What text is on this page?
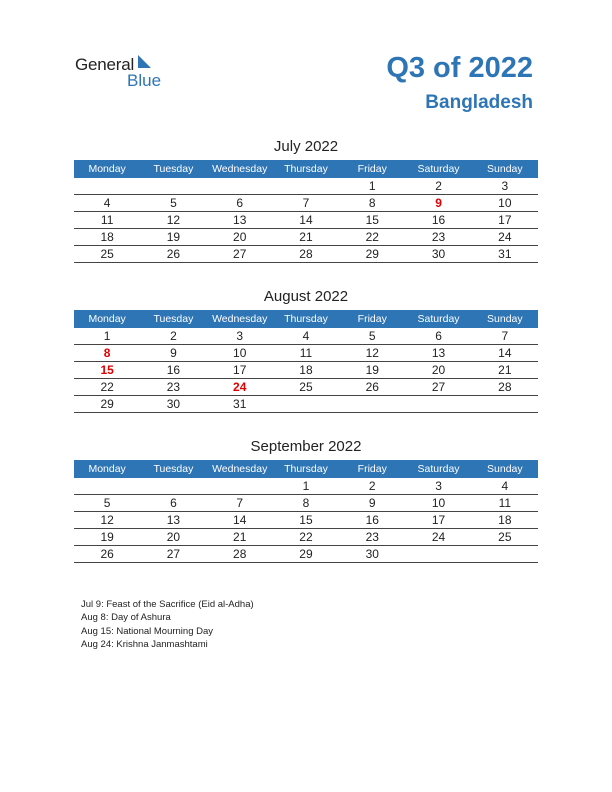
General
Blue	Q3 of 2022
Bangladesh
July 2022
Monday	Tuesday	Wednesday	Thursday	Friday	Saturday	Sunday
				1	2	3
4	5	6	7	8	9	10
11	12	13	14	15	16	17
18	19	20	21	22	23	24
25	26	27	28	29	30	31
August 2022
Monday	Tuesday	Wednesday	Thursday	Friday	Saturday	Sunday
1	2	3	4	5	6	7
8	9	10	11	12	13	14
15	16	17	18	19	20	21
22	23	24	25	26	27	28
29	30	31				
September 2022
Monday	Tuesday	Wednesday	Thursday	Friday	Saturday	Sunday
			1	2	3	4
5	6	7	8	9	10	11
12	13	14	15	16	17	18
19	20	21	22	23	24	25
26	27	28	29	30		
Jul 9: Feast of the Sacrifice (Eid al-Adha)
Aug 8: Day of Ashura
Aug 15: National Mourning Day
Aug 24: Krishna Janmashtami
